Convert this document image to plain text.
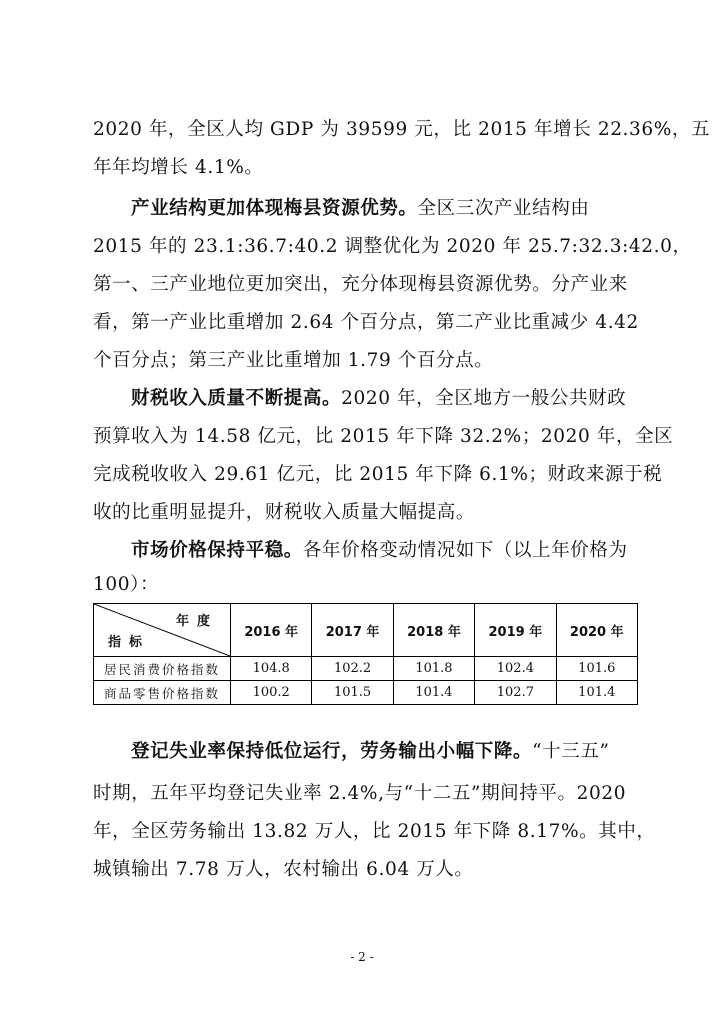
2020 年，全区人均 GDP 为 39599 元，比 2015 年增长 22.36%，五
年年均增长 4.1%。
产业结构更加体现梅县资源优势。全区三次产业结构由
2015 年的 23.1:36.7:40.2 调整优化为 2020 年 25.7:32.3:42.0，
第一、三产业地位更加突出，充分体现梅县资源优势。分产业来
看，第一产业比重增加 2.64 个百分点，第二产业比重减少 4.42
个百分点；第三产业比重增加 1.79 个百分点。
财税收入质量不断提高。2020 年，全区地方一般公共财政
预算收入为 14.58 亿元，比 2015 年下降 32.2%；2020 年，全区
完成税收收入 29.61 亿元，比 2015 年下降 6.1%；财政来源于税
收的比重明显提升，财税收入质量大幅提高。
市场价格保持平稳。各年价格变动情况如下（以上年价格为
100）：
年度
指标	2016 年	2017 年	2018 年	2019 年	2020 年
居民消费价格指数	104.8	102.2	101.8	102.4	101.6
商品零售价格指数	100.2	101.5	101.4	102.7	101.4
登记失业率保持低位运行，劳务输出小幅下降。“十三五”
时期，五年平均登记失业率 2.4%,与“十二五”期间持平。2020
年，全区劳务输出 13.82 万人，比 2015 年下降 8.17%。其中，
城镇输出 7.78 万人，农村输出 6.04 万人。
- 2 -
